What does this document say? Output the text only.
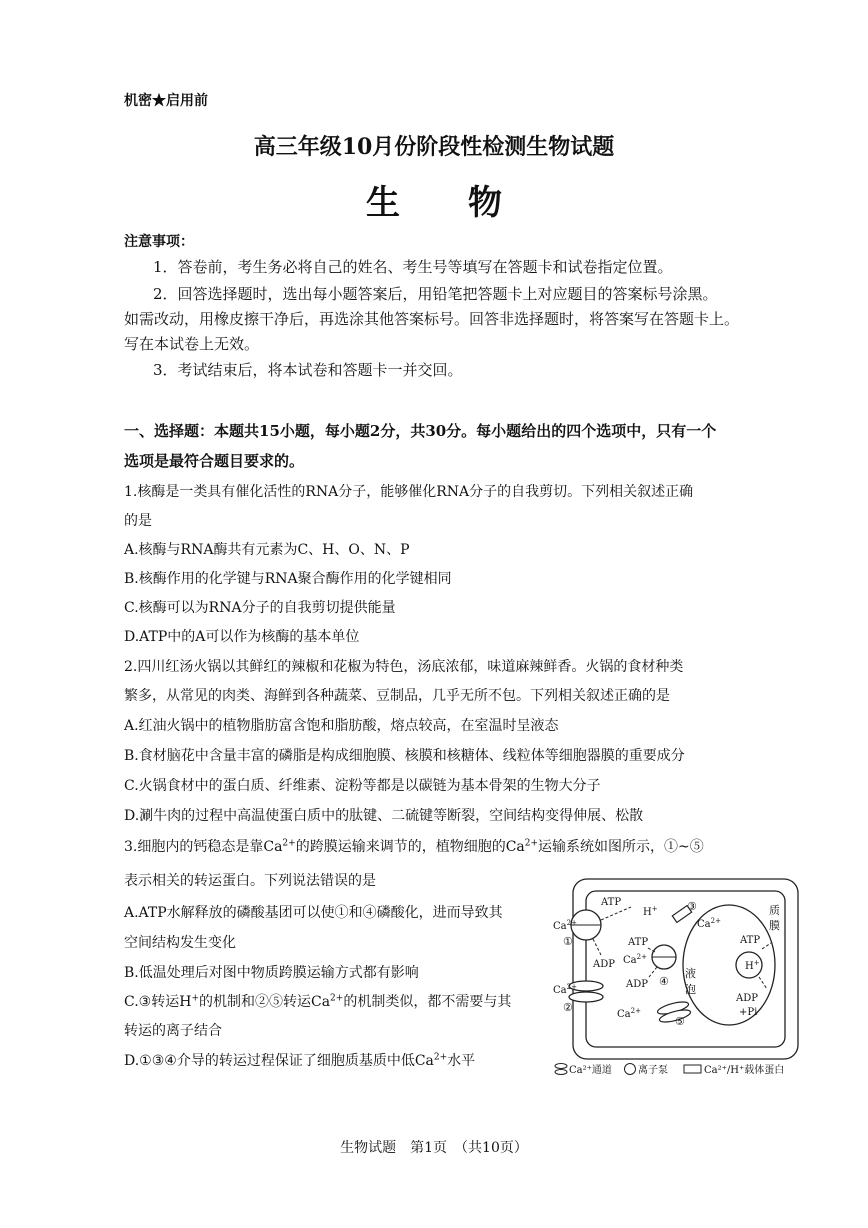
机密★启用前
高三年级10月份阶段性检测生物试题
生　　物
注意事项：
1．答卷前，考生务必将自己的姓名、考生号等填写在答题卡和试卷指定位置。
2．回答选择题时，选出每小题答案后，用铅笔把答题卡上对应题目的答案标号涂黑。
如需改动，用橡皮擦干净后，再选涂其他答案标号。回答非选择题时，将答案写在答题卡上。
写在本试卷上无效。
3．考试结束后，将本试卷和答题卡一并交回。
一、选择题：本题共15小题，每小题2分，共30分。每小题给出的四个选项中，只有一个
选项是最符合题目要求的。
1.核酶是一类具有催化活性的RNA分子，能够催化RNA分子的自我剪切。下列相关叙述正确
的是
A.核酶与RNA酶共有元素为C、H、O、N、P
B.核酶作用的化学键与RNA聚合酶作用的化学键相同
C.核酶可以为RNA分子的自我剪切提供能量
D.ATP中的A可以作为核酶的基本单位
2.四川红汤火锅以其鲜红的辣椒和花椒为特色，汤底浓郁，味道麻辣鲜香。火锅的食材种类
繁多，从常见的肉类、海鲜到各种蔬菜、豆制品，几乎无所不包。下列相关叙述正确的是
A.红油火锅中的植物脂肪富含饱和脂肪酸，熔点较高，在室温时呈液态
B.食材脑花中含量丰富的磷脂是构成细胞膜、核膜和核糖体、线粒体等细胞器膜的重要成分
C.火锅食材中的蛋白质、纤维素、淀粉等都是以碳链为基本骨架的生物大分子
D.涮牛肉的过程中高温使蛋白质中的肽键、二硫键等断裂，空间结构变得伸展、松散
3.细胞内的钙稳态是靠$Ca^{2+}$的跨膜运输来调节的，植物细胞的$Ca^{2+}$运输系统如图所示，①~⑤
表示相关的转运蛋白。下列说法错误的是
A.ATP水解释放的磷酸基团可以使①和④磷酸化，进而导致其
空间结构发生变化
B.低温处理后对图中物质跨膜运输方式都有影响
C.③转运H+的机制和②⑤转运$Ca^{2+}$的机制类似，都不需要与其
转运的离子结合
D.①③④介导的转运过程保证了细胞质基质中低$Ca^{2+}$水平
ATP
ADP
$Ca^{2+}$
①
$Ca^{2+}$
②
H+	③
$Ca^{2+}$
ATP
$Ca^{2+}$
ADP ④
液
泡
ATP
H+
ADP
+Pi
$Ca^{2+}$
⑤
质
膜
Ca²⁺通道	离子泵	Ca²⁺/H⁺载体蛋白
生物试题　第1页　（共10页）
